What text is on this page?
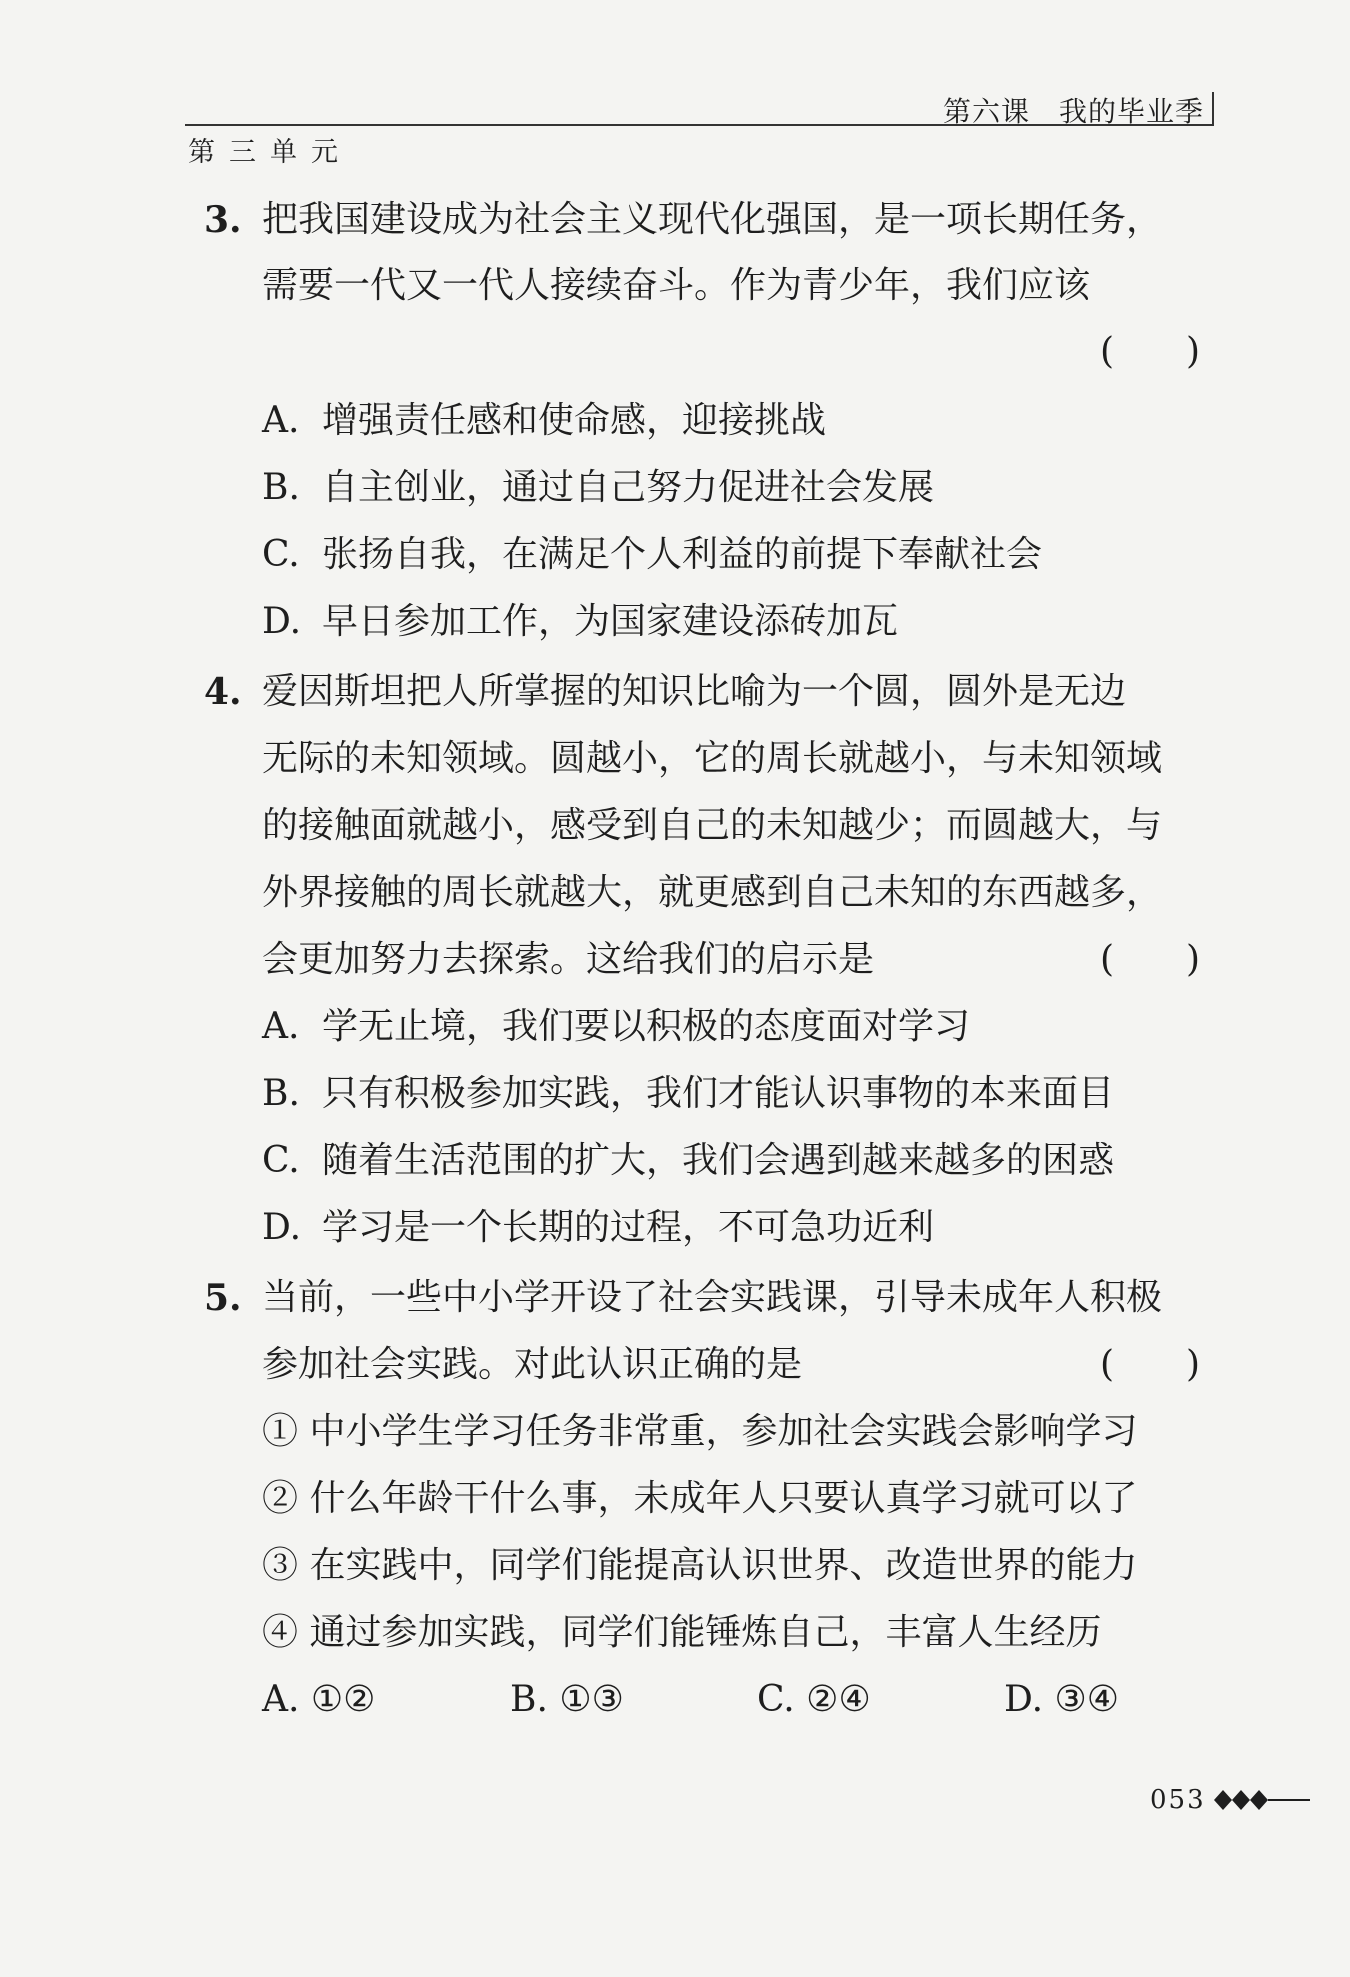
第六课　我的毕业季
第三单元
3. 把我国建设成为社会主义现代化强国，是一项长期任务，
需要一代又一代人接续奋斗。作为青少年，我们应该
(　　)
A. 增强责任感和使命感，迎接挑战
B. 自主创业，通过自己努力促进社会发展
C. 张扬自我，在满足个人利益的前提下奉献社会
D. 早日参加工作，为国家建设添砖加瓦
4. 爱因斯坦把人所掌握的知识比喻为一个圆，圆外是无边
无际的未知领域。圆越小，它的周长就越小，与未知领域
的接触面就越小，感受到自己的未知越少；而圆越大，与
外界接触的周长就越大，就更感到自己未知的东西越多，
会更加努力去探索。这给我们的启示是	(　　)
A. 学无止境，我们要以积极的态度面对学习
B. 只有积极参加实践，我们才能认识事物的本来面目
C. 随着生活范围的扩大，我们会遇到越来越多的困惑
D. 学习是一个长期的过程，不可急功近利
5. 当前，一些中小学开设了社会实践课，引导未成年人积极
参加社会实践。对此认识正确的是	(　　)
① 中小学生学习任务非常重，参加社会实践会影响学习
② 什么年龄干什么事，未成年人只要认真学习就可以了
③ 在实践中，同学们能提高认识世界、改造世界的能力
④ 通过参加实践，同学们能锤炼自己，丰富人生经历
A. ①②	B. ①③	C. ②④	D. ③④
053
